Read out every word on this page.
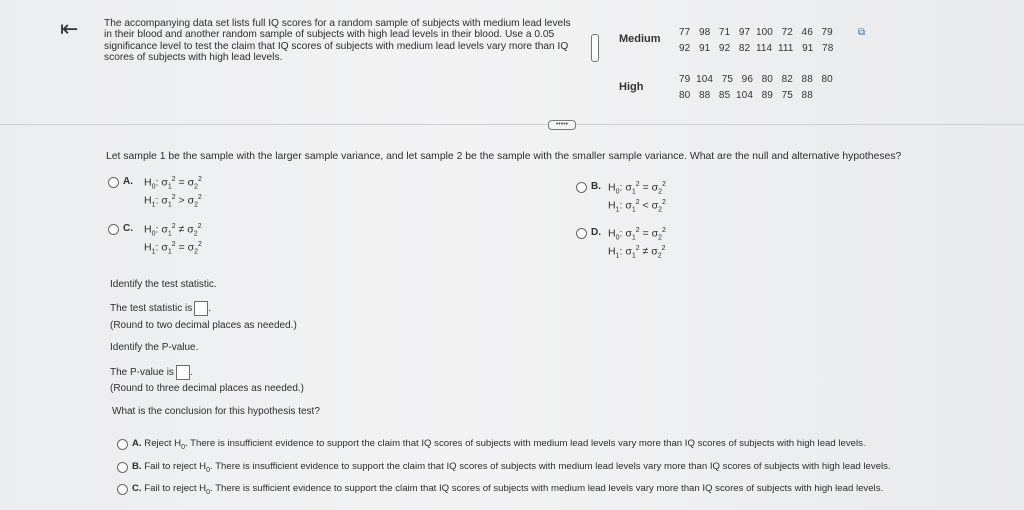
⇤	The accompanying data set lists full IQ scores for a random sample of subjects with medium lead levels in their blood and another random sample of subjects with high lead levels in their blood. Use a 0.05 significance level to test the claim that IQ scores of subjects with medium lead levels vary more than IQ scores of subjects with high lead levels.
Medium
77   98   71   97  100   72   46   79	⧉
92   91   92   82  114  111   91   78
High
79  104   75   96   80   82   88   80
80   88   85  104   89   75   88
•••••
Let sample 1 be the sample with the larger sample variance, and let sample 2 be the sample with the smaller sample variance. What are the null and alternative hypotheses?
A. $H_0$: $\sigma_1^2 = \sigma_2^2$
$H_1$: $\sigma_1^2 > \sigma_2^2$
B. $H_0$: $\sigma_1^2 = \sigma_2^2$
$H_1$: $\sigma_1^2 < \sigma_2^2$
C. $H_0$: $\sigma_1^2 \ne \sigma_2^2$
$H_1$: $\sigma_1^2 = \sigma_2^2$
D. $H_0$: $\sigma_1^2 = \sigma_2^2$
$H_1$: $\sigma_1^2 \ne \sigma_2^2$
Identify the test statistic.
The test statistic is .
(Round to two decimal places as needed.)
Identify the P-value.
The P-value is .
(Round to three decimal places as needed.)
What is the conclusion for this hypothesis test?
A. Reject $H_0$. There is insufficient evidence to support the claim that IQ scores of subjects with medium lead levels vary more than IQ scores of subjects with high lead levels.
B. Fail to reject $H_0$. There is insufficient evidence to support the claim that IQ scores of subjects with medium lead levels vary more than IQ scores of subjects with high lead levels.
C. Fail to reject $H_0$. There is sufficient evidence to support the claim that IQ scores of subjects with medium lead levels vary more than IQ scores of subjects with high lead levels.
